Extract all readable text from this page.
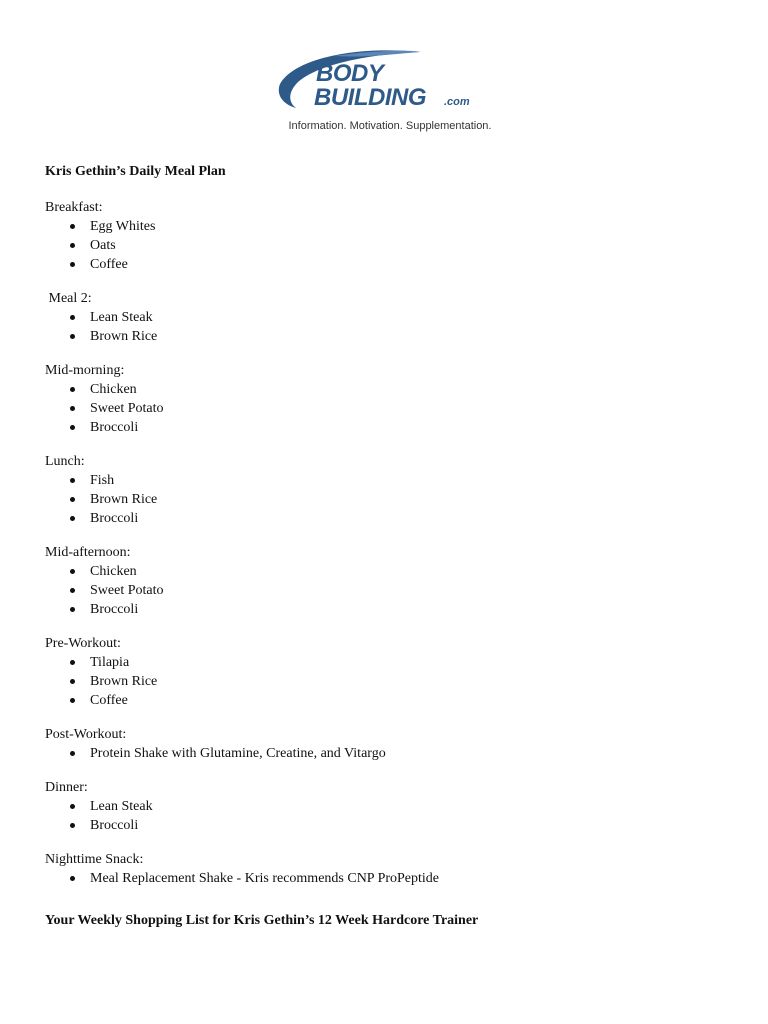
BODY
BUILDING .com
Information. Motivation. Supplementation.
Kris Gethin’s Daily Meal Plan
Breakfast:
Egg Whites
Oats
Coffee
Meal 2:
Lean Steak
Brown Rice
Mid-morning:
Chicken
Sweet Potato
Broccoli
Lunch:
Fish
Brown Rice
Broccoli
Mid-afternoon:
Chicken
Sweet Potato
Broccoli
Pre-Workout:
Tilapia
Brown Rice
Coffee
Post-Workout:
Protein Shake with Glutamine, Creatine, and Vitargo
Dinner:
Lean Steak
Broccoli
Nighttime Snack:
Meal Replacement Shake - Kris recommends CNP ProPeptide
Your Weekly Shopping List for Kris Gethin’s 12 Week Hardcore Trainer
